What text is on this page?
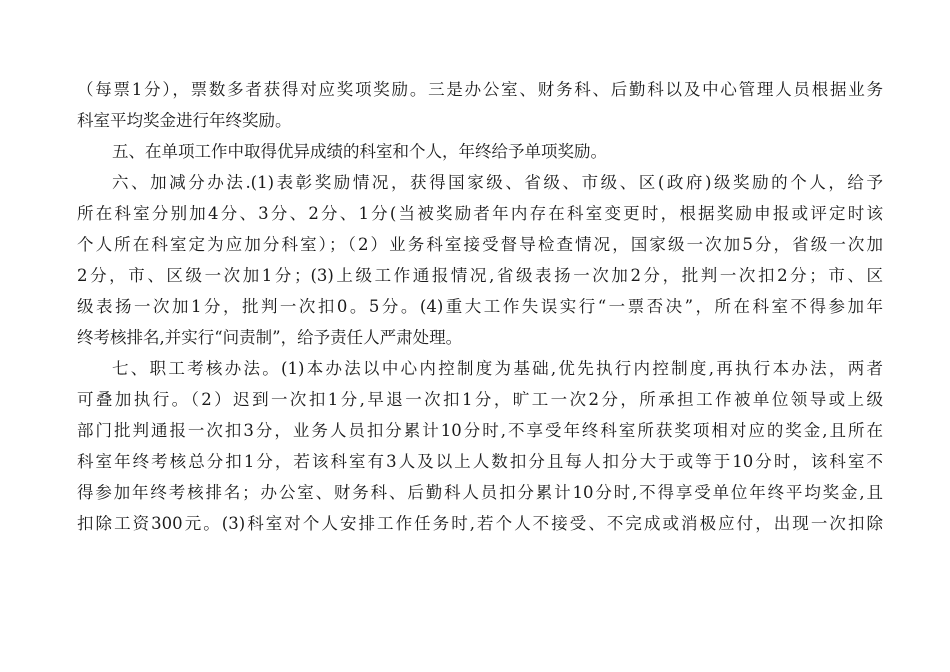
（每票1分），票数多者获得对应奖项奖励。三是办公室、财务科、后勤科以及中心管理人员根据业务
科室平均奖金进行年终奖励。
五、在单项工作中取得优异成绩的科室和个人，年终给予单项奖励。
六、加减分办法.(1)表彰奖励情况，获得国家级、省级、市级、区(政府)级奖励的个人，给予
所在科室分别加4分、3分、2分、1分(当被奖励者年内存在科室变更时，根据奖励申报或评定时该
个人所在科室定为应加分科室）；（2）业务科室接受督导检查情况，国家级一次加5分，省级一次加
2分，市、区级一次加1分；(3)上级工作通报情况,省级表扬一次加2分，批判一次扣2分；市、区
级表扬一次加1分，批判一次扣0。5分。(4)重大工作失误实行“一票否决”，所在科室不得参加年
终考核排名,并实行“问责制”，给予责任人严肃处理。
七、职工考核办法。(1)本办法以中心内控制度为基础,优先执行内控制度,再执行本办法，两者
可叠加执行。（2）迟到一次扣1分,早退一次扣1分，旷工一次2分，所承担工作被单位领导或上级
部门批判通报一次扣3分，业务人员扣分累计10分时,不享受年终科室所获奖项相对应的奖金,且所在
科室年终考核总分扣1分，若该科室有3人及以上人数扣分且每人扣分大于或等于10分时，该科室不
得参加年终考核排名；办公室、财务科、后勤科人员扣分累计10分时,不得享受单位年终平均奖金,且
扣除工资300元。(3)科室对个人安排工作任务时,若个人不接受、不完成或消极应付，出现一次扣除
